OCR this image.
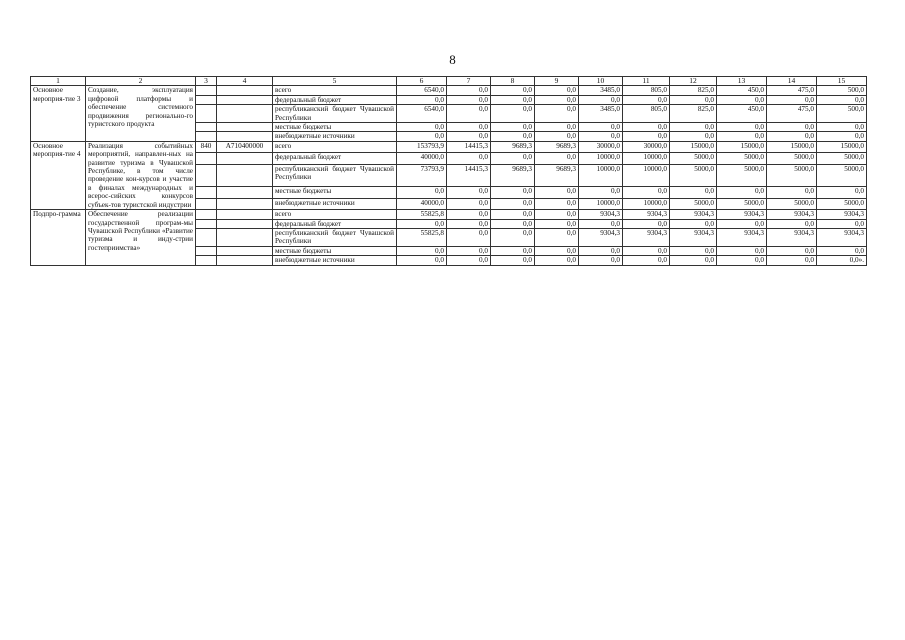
8
1	2	3	4	5	6	7	8	9	10	11	12	13	14	15
Основное мероприя-тие 3	Создание, эксплуатация цифровой платформы и обеспечение системного продвижения регионально-го туристского продукта			всего	6540,0	0,0	0,0	0,0	3485,0	805,0	825,0	450,0	475,0	500,0
				федеральный бюджет	0,0	0,0	0,0	0,0	0,0	0,0	0,0	0,0	0,0	0,0
				республиканский бюджет Чувашской Республики	6540,0	0,0	0,0	0,0	3485,0	805,0	825,0	450,0	475,0	500,0
				местные бюджеты	0,0	0,0	0,0	0,0	0,0	0,0	0,0	0,0	0,0	0,0
				внебюджетные источники	0,0	0,0	0,0	0,0	0,0	0,0	0,0	0,0	0,0	0,0
Основное мероприя-тие 4	Реализация событийных мероприятий, направлен-ных на развитие туризма в Чувашской Республике, в том числе проведение кон-курсов и участие в финалах международных и всерос-сийских конкурсов субъек-тов туристской индустрии	840	А710400000	всего	153793,9	14415,3	9689,3	9689,3	30000,0	30000,0	15000,0	15000,0	15000,0	15000,0
				федеральный бюджет	40000,0	0,0	0,0	0,0	10000,0	10000,0	5000,0	5000,0	5000,0	5000,0
				республиканский бюджет Чувашской Республики	73793,9	14415,3	9689,3	9689,3	10000,0	10000,0	5000,0	5000,0	5000,0	5000,0
				местные бюджеты	0,0	0,0	0,0	0,0	0,0	0,0	0,0	0,0	0,0	0,0
				внебюджетные источники	40000,0	0,0	0,0	0,0	10000,0	10000,0	5000,0	5000,0	5000,0	5000,0
Подпро-грамма	Обеспечение реализации государственной програм-мы Чувашской Республики «Развитие туризма и инду-стрии гостеприимства»			всего	55825,8	0,0	0,0	0,0	9304,3	9304,3	9304,3	9304,3	9304,3	9304,3
				федеральный бюджет	0,0	0,0	0,0	0,0	0,0	0,0	0,0	0,0	0,0	0,0
				республиканский бюджет Чувашской Республики	55825,8	0,0	0,0	0,0	9304,3	9304,3	9304,3	9304,3	9304,3	9304,3
				местные бюджеты	0,0	0,0	0,0	0,0	0,0	0,0	0,0	0,0	0,0	0,0
				внебюджетные источники	0,0	0,0	0,0	0,0	0,0	0,0	0,0	0,0	0,0	0,0».
